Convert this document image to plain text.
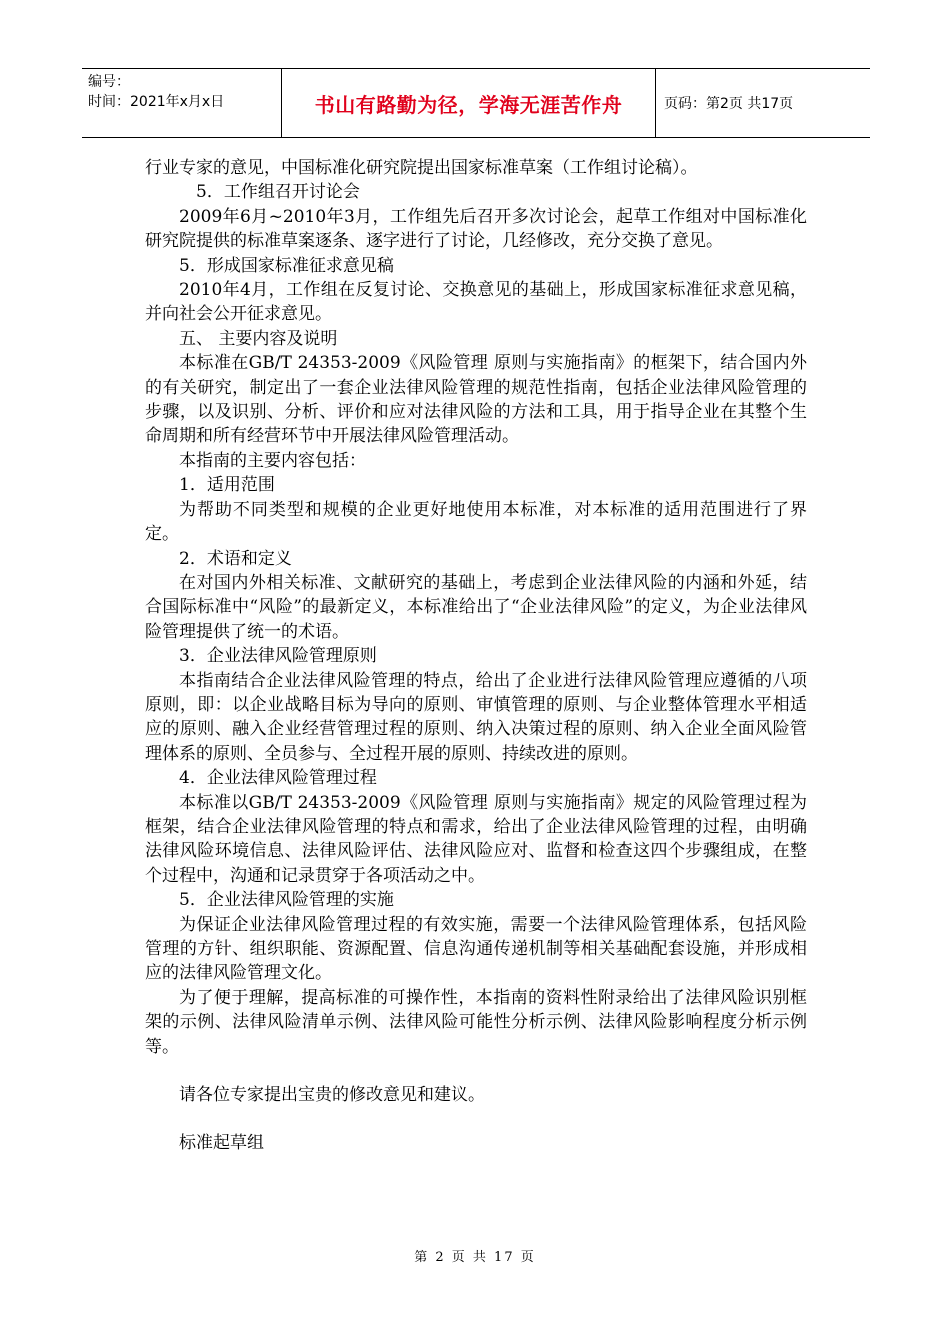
编号：
时间：2021年x月x日	书山有路勤为径，学海无涯苦作舟	页码：第2页 共17页

行业专家的意见，中国标准化研究院提出国家标准草案（工作组讨论稿）。

5．工作组召开讨论会

2009年6月~2010年3月，工作组先后召开多次讨论会，起草工作组对中国标准化研究院提供的标准草案逐条、逐字进行了讨论，几经修改，充分交换了意见。

5．形成国家标准征求意见稿

2010年4月，工作组在反复讨论、交换意见的基础上，形成国家标准征求意见稿，并向社会公开征求意见。

五、 主要内容及说明

本标准在GB/T 24353-2009《风险管理 原则与实施指南》的框架下，结合国内外的有关研究，制定出了一套企业法律风险管理的规范性指南，包括企业法律风险管理的步骤，以及识别、分析、评价和应对法律风险的方法和工具，用于指导企业在其整个生命周期和所有经营环节中开展法律风险管理活动。

本指南的主要内容包括：

1．适用范围

为帮助不同类型和规模的企业更好地使用本标准，对本标准的适用范围进行了界定。

2．术语和定义

在对国内外相关标准、文献研究的基础上，考虑到企业法律风险的内涵和外延，结合国际标准中“风险”的最新定义，本标准给出了“企业法律风险”的定义，为企业法律风险管理提供了统一的术语。

3．企业法律风险管理原则

本指南结合企业法律风险管理的特点，给出了企业进行法律风险管理应遵循的八项原则，即：以企业战略目标为导向的原则、审慎管理的原则、与企业整体管理水平相适应的原则、融入企业经营管理过程的原则、纳入决策过程的原则、纳入企业全面风险管理体系的原则、全员参与、全过程开展的原则、持续改进的原则。

4．企业法律风险管理过程

本标准以GB/T 24353-2009《风险管理 原则与实施指南》规定的风险管理过程为框架，结合企业法律风险管理的特点和需求，给出了企业法律风险管理的过程，由明确法律风险环境信息、法律风险评估、法律风险应对、监督和检查这四个步骤组成，在整个过程中，沟通和记录贯穿于各项活动之中。

5．企业法律风险管理的实施

为保证企业法律风险管理过程的有效实施，需要一个法律风险管理体系，包括风险管理的方针、组织职能、资源配置、信息沟通传递机制等相关基础配套设施，并形成相应的法律风险管理文化。

为了便于理解，提高标准的可操作性，本指南的资料性附录给出了法律风险识别框架的示例、法律风险清单示例、法律风险可能性分析示例、法律风险影响程度分析示例等。

请各位专家提出宝贵的修改意见和建议。

标准起草组

第 2 页 共 17 页
